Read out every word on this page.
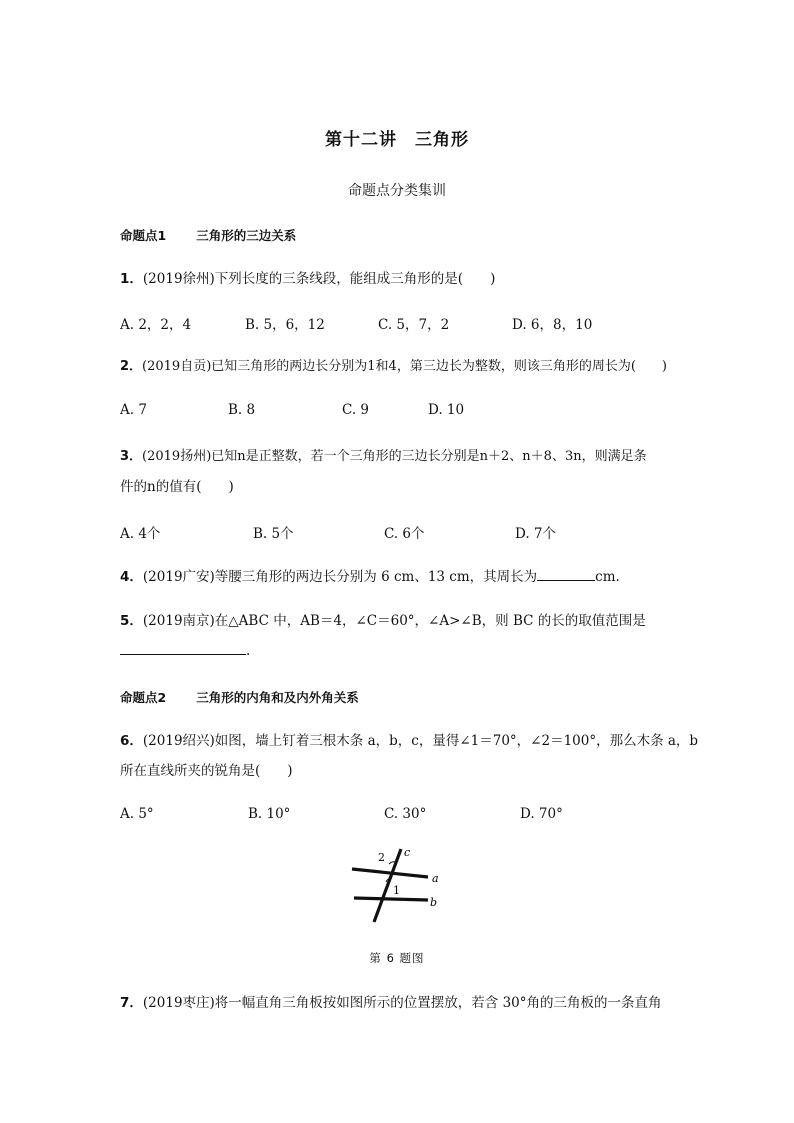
第十二讲　三角形
命题点分类集训
命题点1 三角形的三边关系
1．(2019徐州)下列长度的三条线段，能组成三角形的是(　　)
A. 2，2，4	B. 5，6，12	C. 5，7，2	D. 6，8，10
2．(2019自贡)已知三角形的两边长分别为1和4，第三边长为整数，则该三角形的周长为(　　)
A. 7	B. 8	C. 9	D. 10
3．(2019扬州)已知n是正整数，若一个三角形的三边长分别是n＋2、n＋8、3n，则满足条
件的n的值有(　　)
A. 4个	B. 5个	C. 6个	D. 7个
4．(2019广安)等腰三角形的两边长分别为 6 cm、13 cm，其周长为	cm.
5．(2019南京)在△ABC 中，AB＝4，∠C＝60°，∠A>∠B，则 BC 的长的取值范围是
.
命题点2 三角形的内角和及内外角关系
6．(2019绍兴)如图，墙上钉着三根木条 a，b，c，量得∠1＝70°，∠2＝100°，那么木条 a，b
所在直线所夹的锐角是(　　)
A. 5°	B. 10°	C. 30°	D. 70°
2
1
a
b
c
第 6 题图
7．(2019枣庄)将一幅直角三角板按如图所示的位置摆放，若含 30°角的三角板的一条直角
